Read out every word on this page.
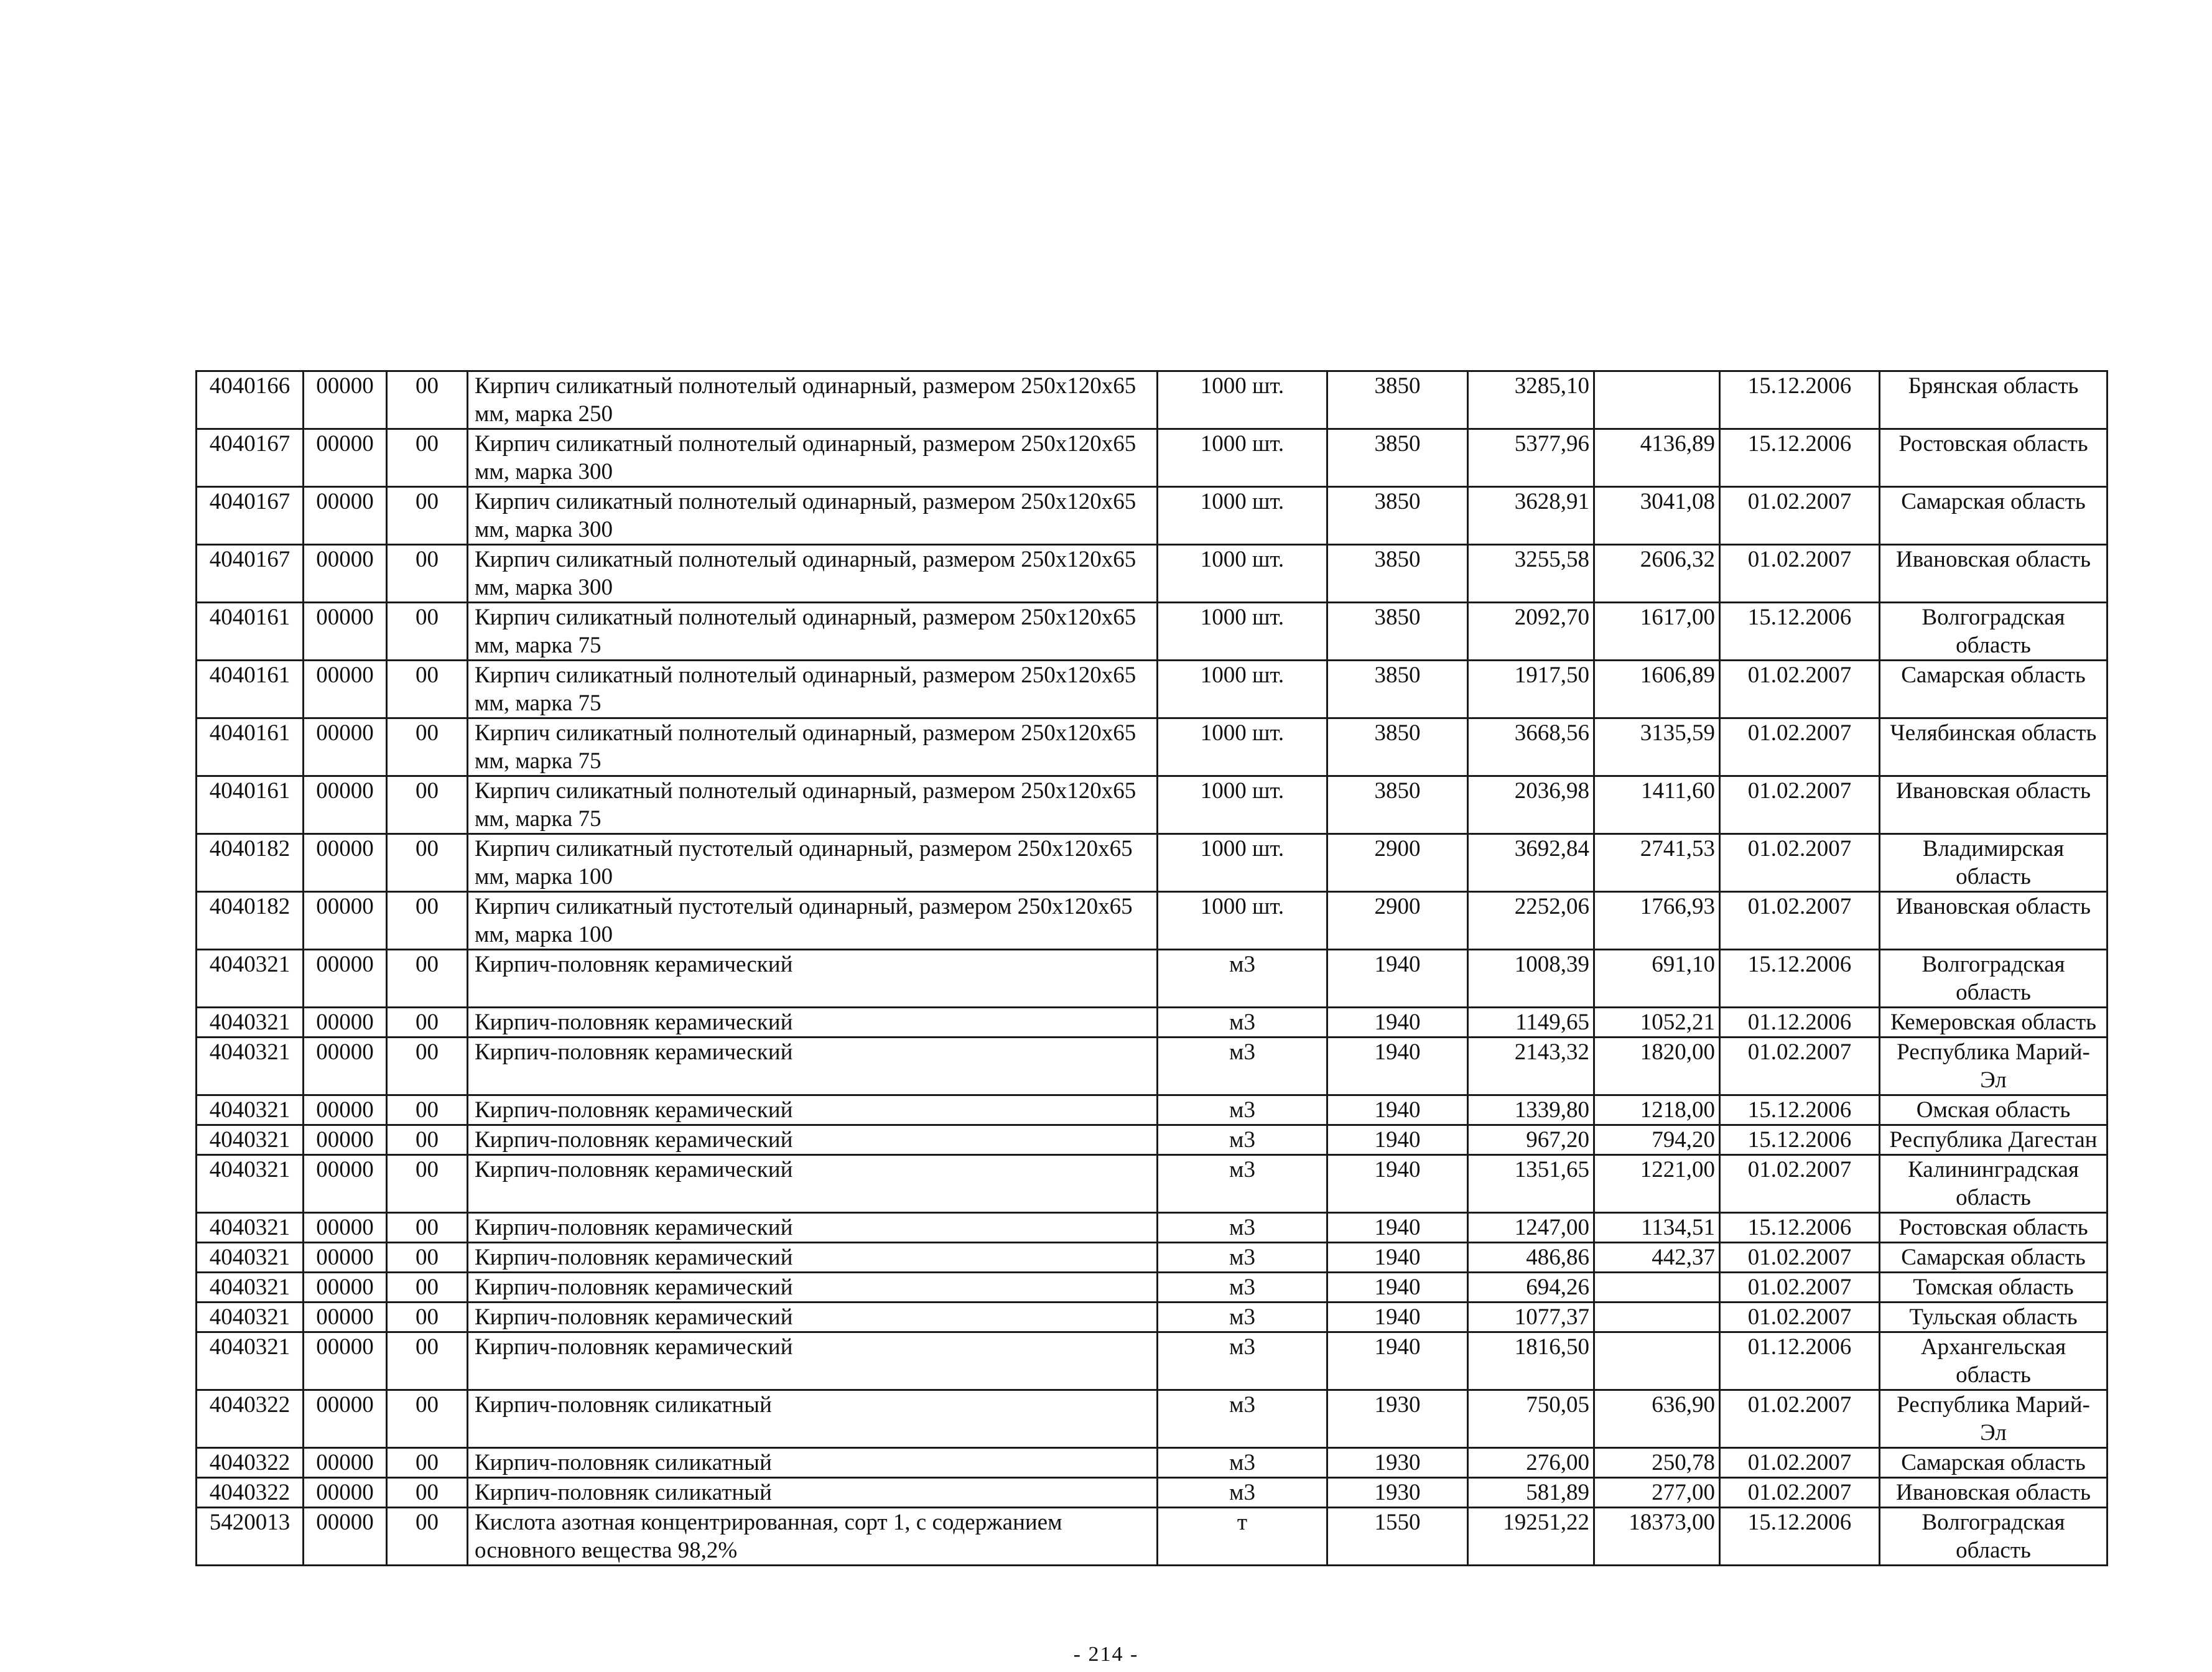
4040166	00000	00	Кирпич силикатный полнотелый одинарный, размером 250x120x65 мм, марка 250	1000 шт.	3850	3285,10		15.12.2006	Брянская область
4040167	00000	00	Кирпич силикатный полнотелый одинарный, размером 250x120x65 мм, марка 300	1000 шт.	3850	5377,96	4136,89	15.12.2006	Ростовская область
4040167	00000	00	Кирпич силикатный полнотелый одинарный, размером 250x120x65 мм, марка 300	1000 шт.	3850	3628,91	3041,08	01.02.2007	Самарская область
4040167	00000	00	Кирпич силикатный полнотелый одинарный, размером 250x120x65 мм, марка 300	1000 шт.	3850	3255,58	2606,32	01.02.2007	Ивановская область
4040161	00000	00	Кирпич силикатный полнотелый одинарный, размером 250x120x65 мм, марка 75	1000 шт.	3850	2092,70	1617,00	15.12.2006	Волгоградская область
4040161	00000	00	Кирпич силикатный полнотелый одинарный, размером 250x120x65 мм, марка 75	1000 шт.	3850	1917,50	1606,89	01.02.2007	Самарская область
4040161	00000	00	Кирпич силикатный полнотелый одинарный, размером 250x120x65 мм, марка 75	1000 шт.	3850	3668,56	3135,59	01.02.2007	Челябинская область
4040161	00000	00	Кирпич силикатный полнотелый одинарный, размером 250x120x65 мм, марка 75	1000 шт.	3850	2036,98	1411,60	01.02.2007	Ивановская область
4040182	00000	00	Кирпич силикатный пустотелый одинарный, размером 250x120x65 мм, марка 100	1000 шт.	2900	3692,84	2741,53	01.02.2007	Владимирская область
4040182	00000	00	Кирпич силикатный пустотелый одинарный, размером 250x120x65 мм, марка 100	1000 шт.	2900	2252,06	1766,93	01.02.2007	Ивановская область
4040321	00000	00	Кирпич-половняк керамический	м3	1940	1008,39	691,10	15.12.2006	Волгоградская область
4040321	00000	00	Кирпич-половняк керамический	м3	1940	1149,65	1052,21	01.12.2006	Кемеровская область
4040321	00000	00	Кирпич-половняк керамический	м3	1940	2143,32	1820,00	01.02.2007	Республика Марий-Эл
4040321	00000	00	Кирпич-половняк керамический	м3	1940	1339,80	1218,00	15.12.2006	Омская область
4040321	00000	00	Кирпич-половняк керамический	м3	1940	967,20	794,20	15.12.2006	Республика Дагестан
4040321	00000	00	Кирпич-половняк керамический	м3	1940	1351,65	1221,00	01.02.2007	Калининградская область
4040321	00000	00	Кирпич-половняк керамический	м3	1940	1247,00	1134,51	15.12.2006	Ростовская область
4040321	00000	00	Кирпич-половняк керамический	м3	1940	486,86	442,37	01.02.2007	Самарская область
4040321	00000	00	Кирпич-половняк керамический	м3	1940	694,26		01.02.2007	Томская область
4040321	00000	00	Кирпич-половняк керамический	м3	1940	1077,37		01.02.2007	Тульская область
4040321	00000	00	Кирпич-половняк керамический	м3	1940	1816,50		01.12.2006	Архангельская область
4040322	00000	00	Кирпич-половняк силикатный	м3	1930	750,05	636,90	01.02.2007	Республика Марий-Эл
4040322	00000	00	Кирпич-половняк силикатный	м3	1930	276,00	250,78	01.02.2007	Самарская область
4040322	00000	00	Кирпич-половняк силикатный	м3	1930	581,89	277,00	01.02.2007	Ивановская область
5420013	00000	00	Кислота азотная концентрированная, сорт 1, с содержанием основного вещества 98,2%	т	1550	19251,22	18373,00	15.12.2006	Волгоградская область
- 214 -
